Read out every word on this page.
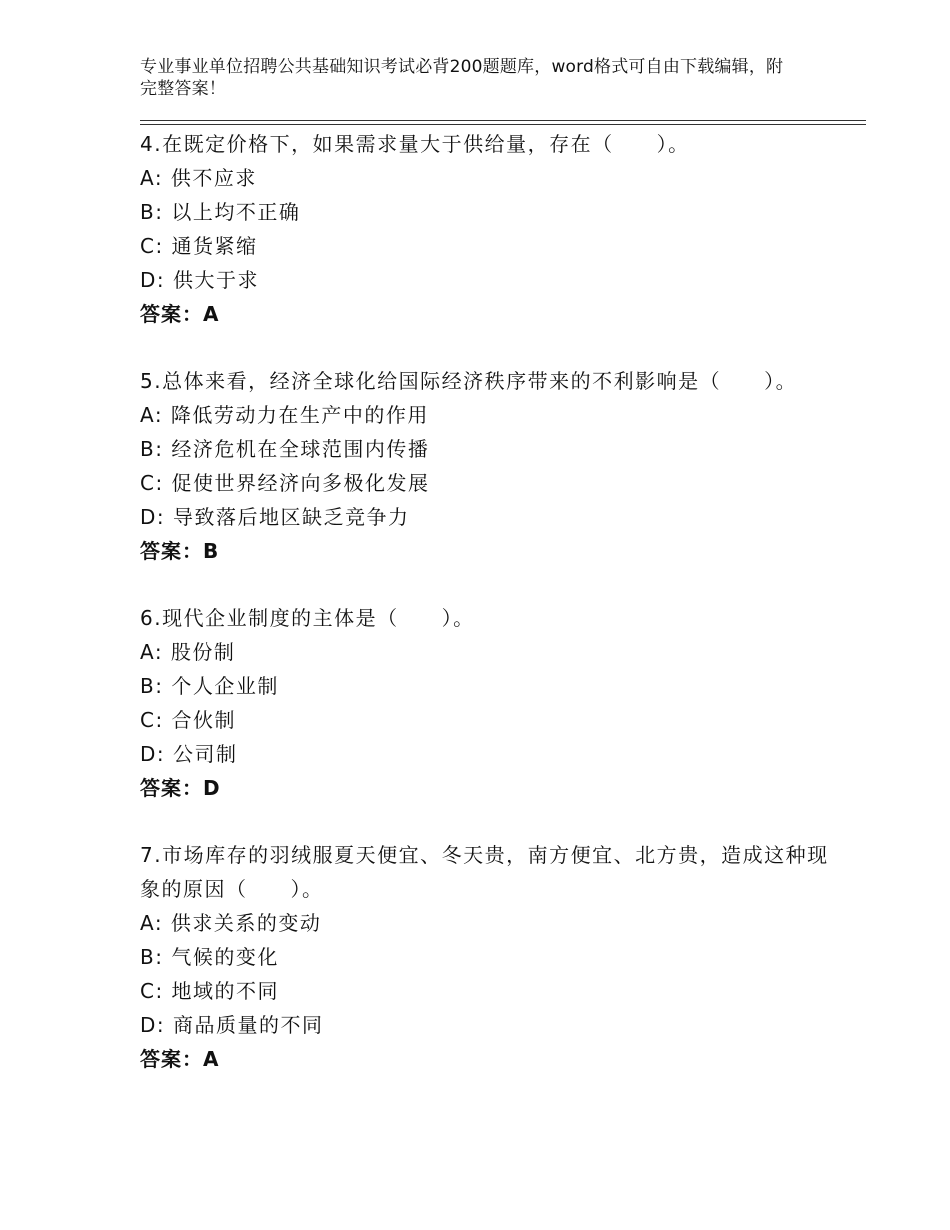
专业事业单位招聘公共基础知识考试必背200题题库，word格式可自由下载编辑，附完整答案！
4.在既定价格下，如果需求量大于供给量，存在（　　）。
A: 供不应求
B: 以上均不正确
C: 通货紧缩
D: 供大于求
答案：A
5.总体来看，经济全球化给国际经济秩序带来的不利影响是（　　）。
A: 降低劳动力在生产中的作用
B: 经济危机在全球范围内传播
C: 促使世界经济向多极化发展
D: 导致落后地区缺乏竞争力
答案：B
6.现代企业制度的主体是（　　）。
A: 股份制
B: 个人企业制
C: 合伙制
D: 公司制
答案：D
7.市场库存的羽绒服夏天便宜、冬天贵，南方便宜、北方贵，造成这种现象的原因（　　）。
A: 供求关系的变动
B: 气候的变化
C: 地域的不同
D: 商品质量的不同
答案：A
